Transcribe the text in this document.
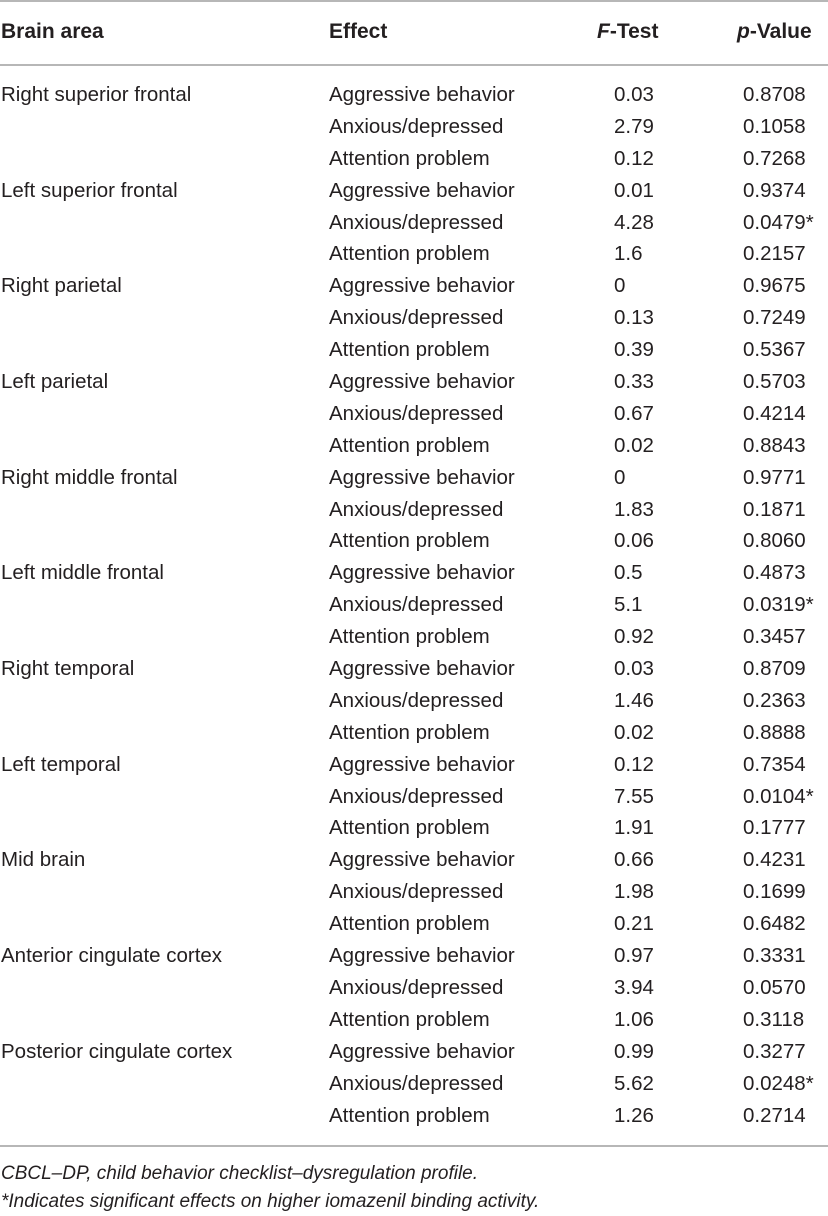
Brain area	Effect	F-Test	p-Value
Right superior frontal	Aggressive behavior	0.03	0.8708
Anxious/depressed	2.79	0.1058
Attention problem	0.12	0.7268
Left superior frontal	Aggressive behavior	0.01	0.9374
Anxious/depressed	4.28	0.0479*
Attention problem	1.6	0.2157
Right parietal	Aggressive behavior	0	0.9675
Anxious/depressed	0.13	0.7249
Attention problem	0.39	0.5367
Left parietal	Aggressive behavior	0.33	0.5703
Anxious/depressed	0.67	0.4214
Attention problem	0.02	0.8843
Right middle frontal	Aggressive behavior	0	0.9771
Anxious/depressed	1.83	0.1871
Attention problem	0.06	0.8060
Left middle frontal	Aggressive behavior	0.5	0.4873
Anxious/depressed	5.1	0.0319*
Attention problem	0.92	0.3457
Right temporal	Aggressive behavior	0.03	0.8709
Anxious/depressed	1.46	0.2363
Attention problem	0.02	0.8888
Left temporal	Aggressive behavior	0.12	0.7354
Anxious/depressed	7.55	0.0104*
Attention problem	1.91	0.1777
Mid brain	Aggressive behavior	0.66	0.4231
Anxious/depressed	1.98	0.1699
Attention problem	0.21	0.6482
Anterior cingulate cortex	Aggressive behavior	0.97	0.3331
Anxious/depressed	3.94	0.0570
Attention problem	1.06	0.3118
Posterior cingulate cortex	Aggressive behavior	0.99	0.3277
Anxious/depressed	5.62	0.0248*
Attention problem	1.26	0.2714
CBCL–DP, child behavior checklist–dysregulation profile.
*Indicates significant effects on higher iomazenil binding activity.
